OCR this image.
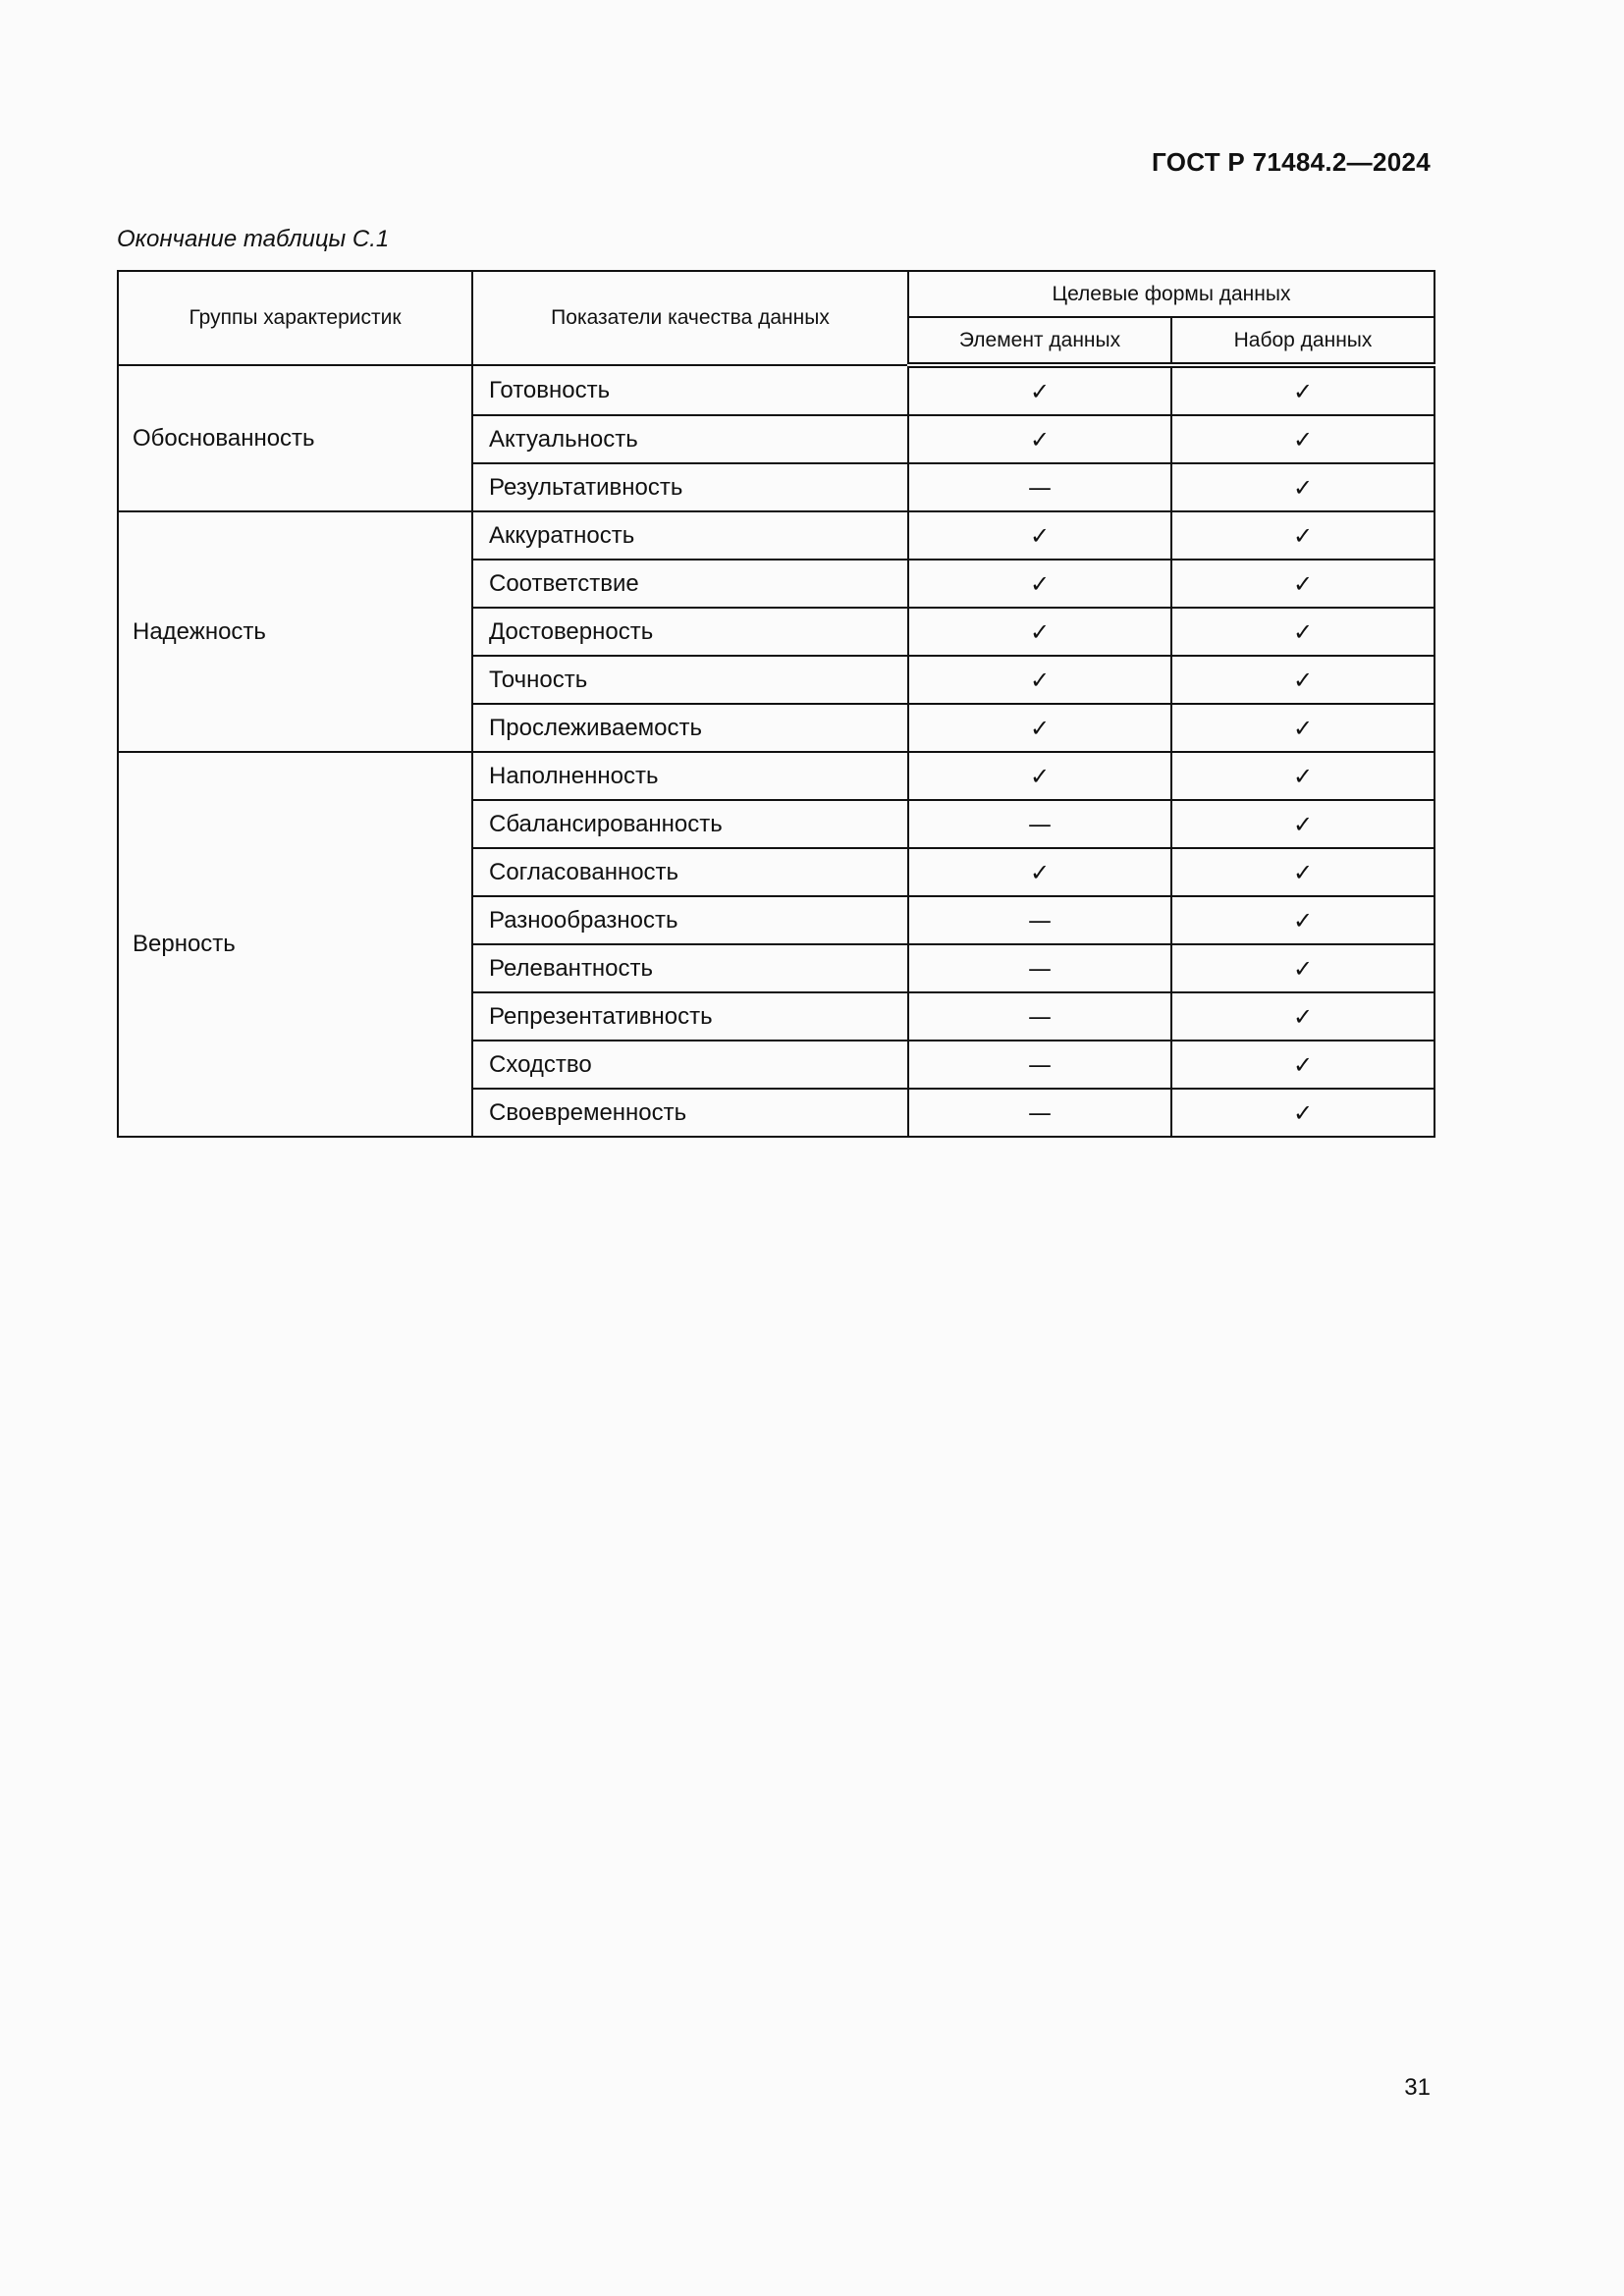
ГОСТ Р 71484.2—2024
Окончание таблицы С.1
Группы характеристик	Показатели качества данных	Целевые формы данных	
		Элемент данных	Набор данных
Обоснованность	Готовность	✓	✓
	Актуальность	✓	✓
	Результативность	—	✓
Надежность	Аккуратность	✓	✓
	Соответствие	✓	✓
	Достоверность	✓	✓
	Точность	✓	✓
	Прослеживаемость	✓	✓
Верность	Наполненность	✓	✓
	Сбалансированность	—	✓
	Согласованность	✓	✓
	Разнообразность	—	✓
	Релевантность	—	✓
	Репрезентативность	—	✓
	Сходство	—	✓
	Своевременность	—	✓
31
